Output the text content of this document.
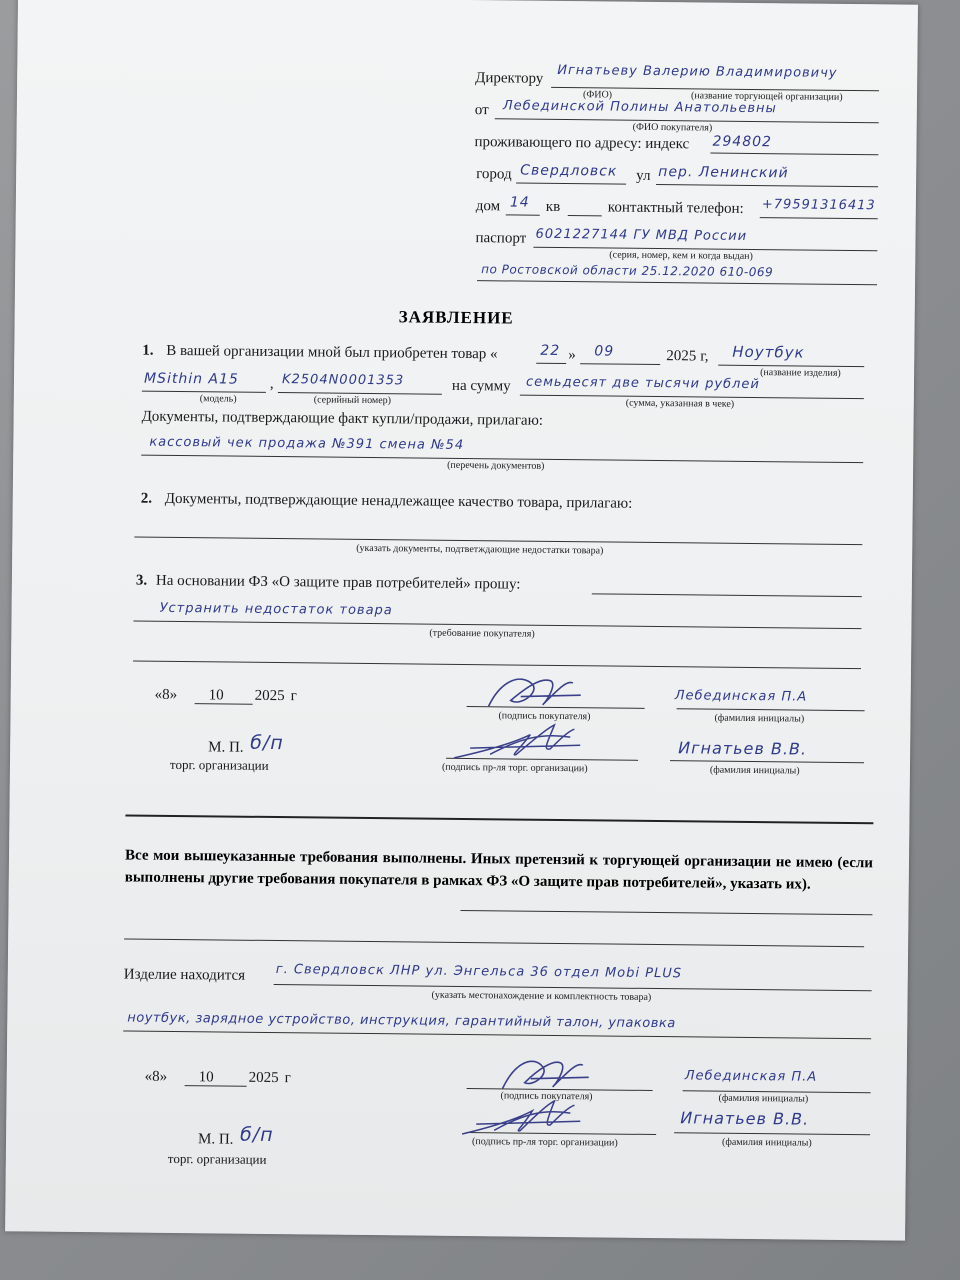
Директору Игнатьеву Валерию Владимировичу
(ФИО)	(название торгующей организации)
от Лебединской Полины Анатольевны
(ФИО покупателя)
проживающего по адресу: индекс 294802
город Свердловск ул пер. Ленинский
дом 14 кв	контактный телефон: +79591316413
паспорт 6021227144 ГУ МВД России
(серия, номер, кем и когда выдан)
по Ростовской области 25.12.2020 610-069
ЗАЯВЛЕНИЕ
1. В вашей организации мной был приобретен товар «	22 » 09	2025 г, Ноутбук
(название изделия)
MSithin A15
(модель)
, K2504N0001353
(серийный номер)
на сумму семьдесят две тысячи рублей
(сумма, указанная в чеке)
Документы, подтверждающие факт купли/продажи, прилагаю:
кассовый чек продажа №391 смена №54
(перечень документов)
2. Документы, подтверждающие ненадлежащее качество товара, прилагаю:
(указать документы, подтветждающие недостатки товара)
3. На основании ФЗ «О защите прав потребителей» прошу:
Устранить недостаток товара
(требование покупателя)
«8» 10 2025 г
(подпись покупателя)
Лебединская П.А
(фамилия инициалы)
М. П. б/п
торг. организации	(подпись пр-ля торг. организации)
Игнатьев В.В.
(фамилия инициалы)
Все мои вышеуказанные требования выполнены. Иных претензий к торгующей организации не имею (если выполнены другие требования покупателя в рамках ФЗ «О защите прав потребителей», указать их).
Изделие находится г. Свердловск ЛНР ул. Энгельса 36 отдел Mobi PLUS
(указать местонахождение и комплектность товара)
ноутбук, зарядное устройство, инструкция, гарантийный талон, упаковка
«8» 10 2025 г
(подпись покупателя)
Лебединская П.А
(фамилия инициалы)
М. П. б/п
торг. организации
(подпись пр-ля торг. организации)
Игнатьев В.В.
(фамилия инициалы)
